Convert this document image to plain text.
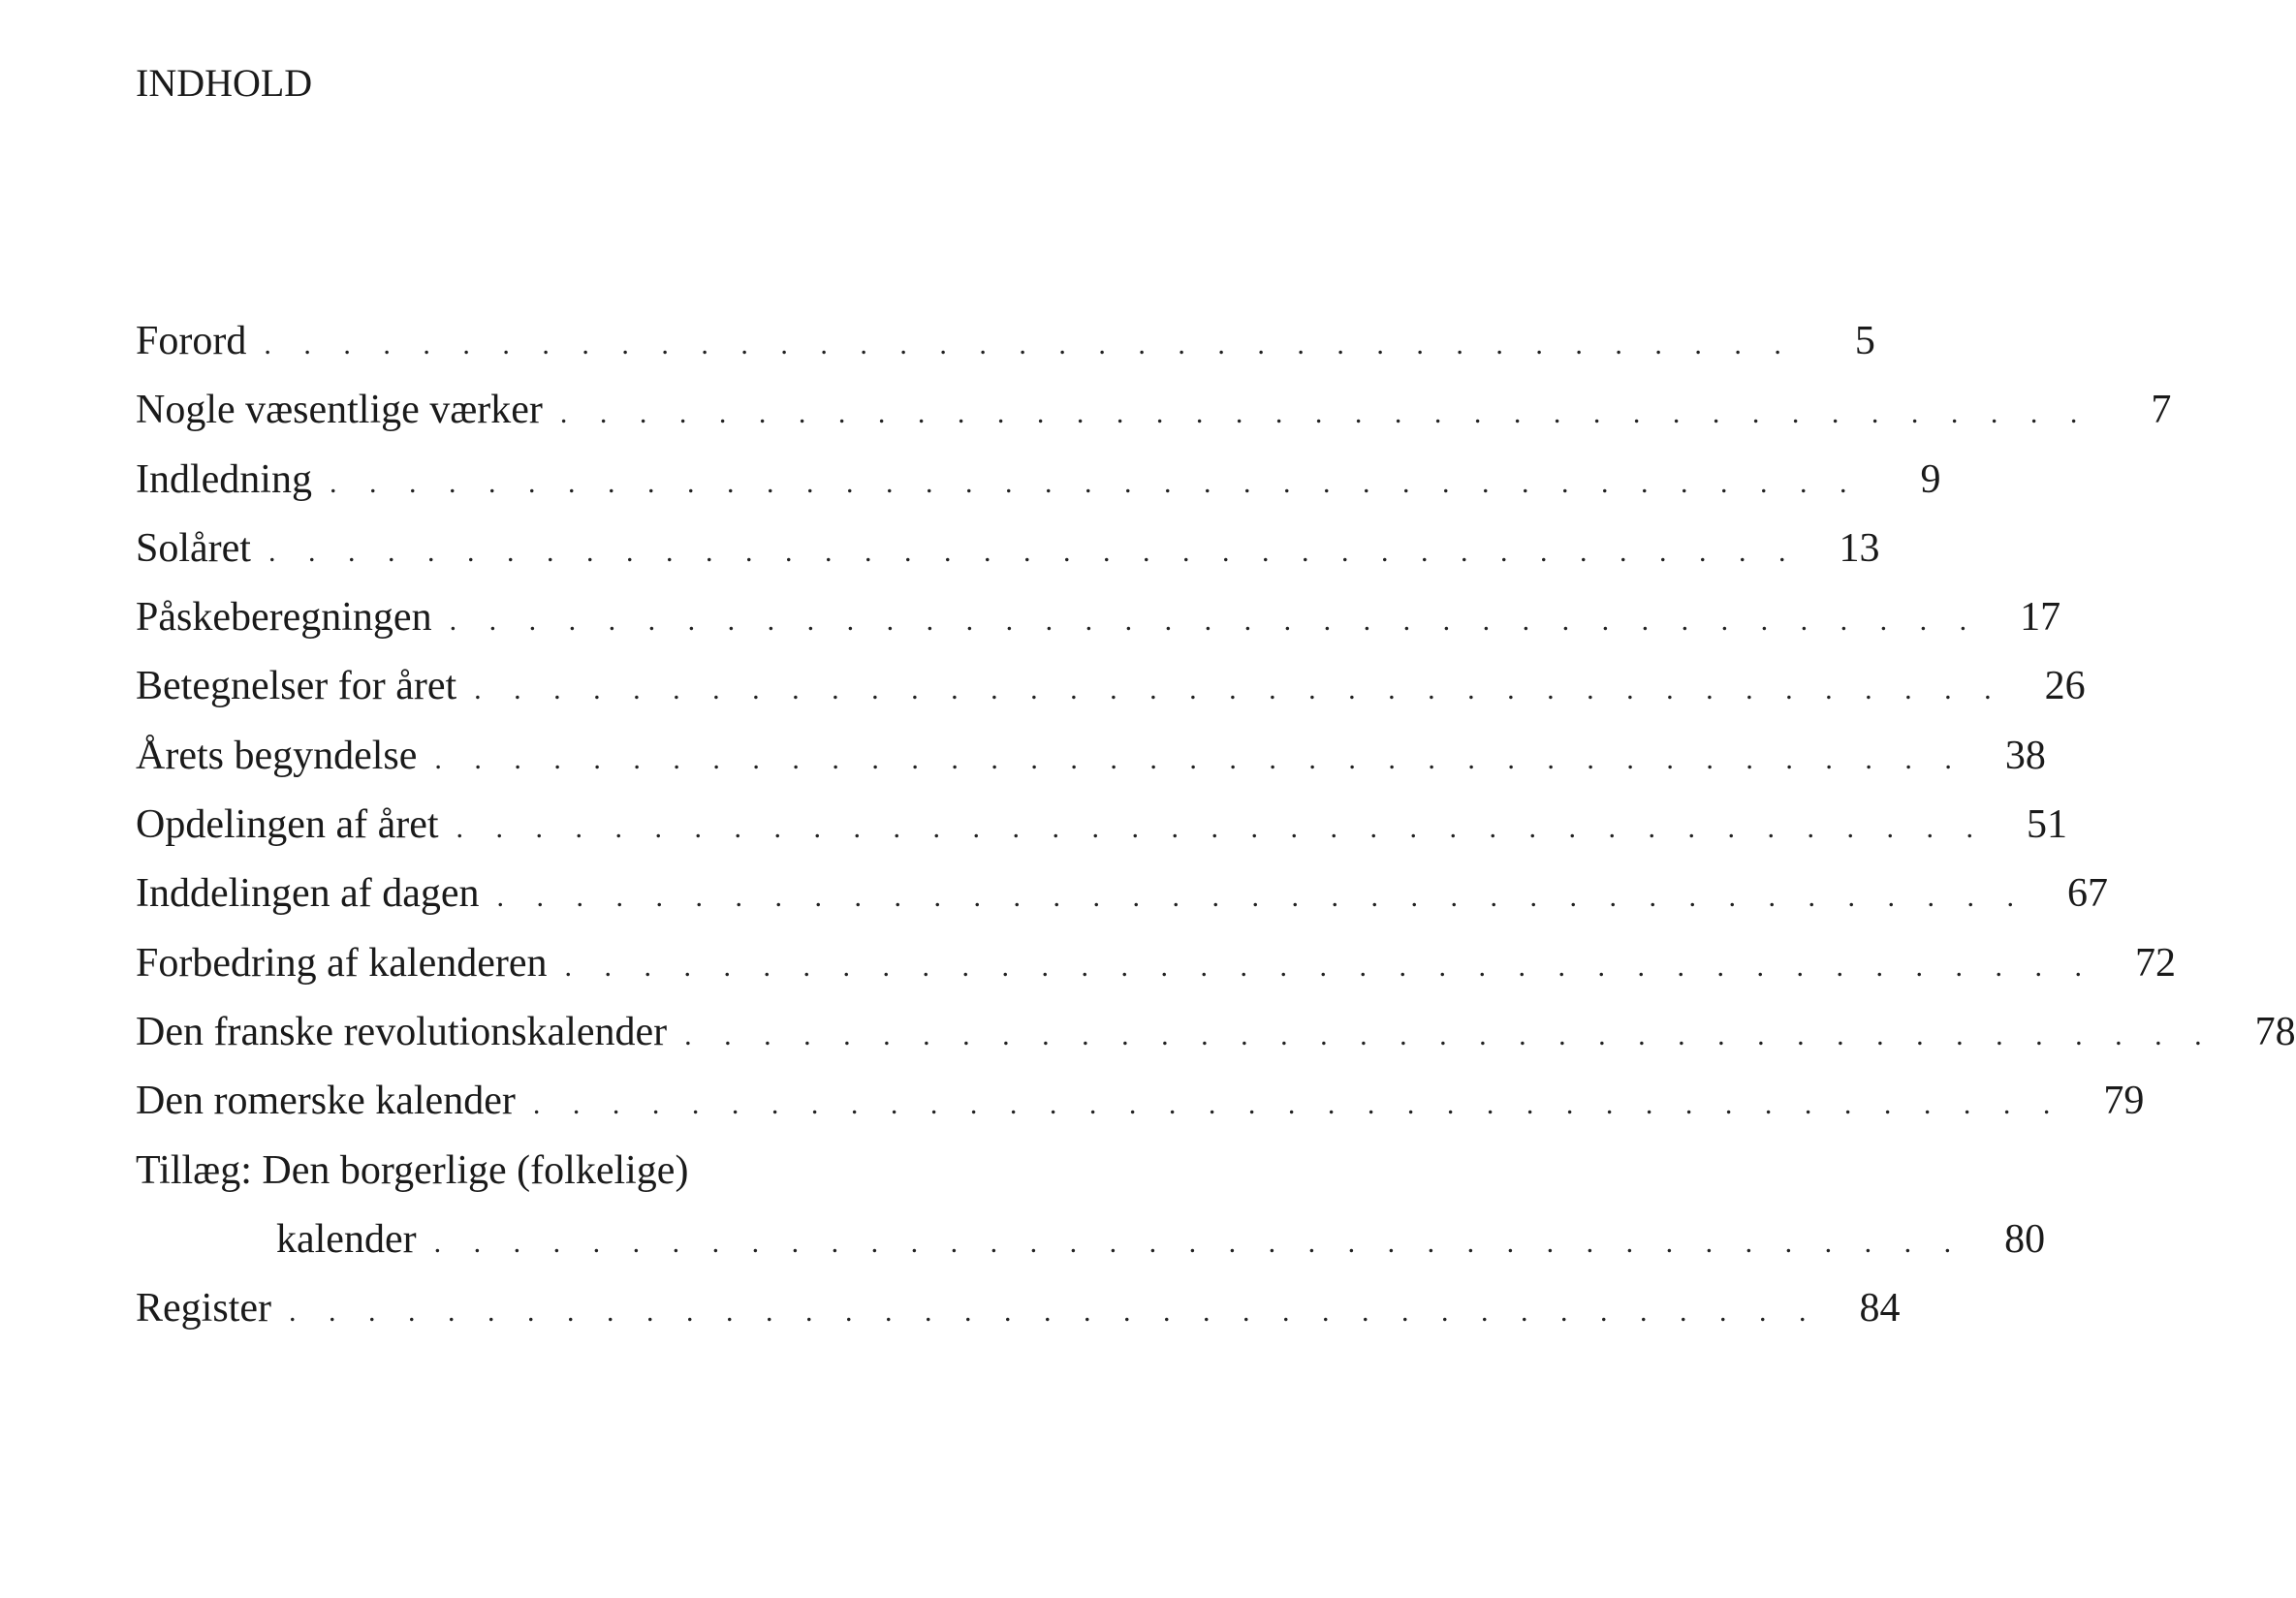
INDHOLD
Forord . . . . . . . . . . . . . . . . . . . . . . . . . . . . . . . . . . . . . . .	5
Nogle væsentlige værker . . . . . . . . . . . . . . . . . . . . . . . . . . . . . . . . . . . . . . .	7
Indledning . . . . . . . . . . . . . . . . . . . . . . . . . . . . . . . . . . . . . . .	9
Solåret . . . . . . . . . . . . . . . . . . . . . . . . . . . . . . . . . . . . . . .	13
Påskeberegningen . . . . . . . . . . . . . . . . . . . . . . . . . . . . . . . . . . . . . . .	17
Betegnelser for året . . . . . . . . . . . . . . . . . . . . . . . . . . . . . . . . . . . . . . .	26
Årets begyndelse . . . . . . . . . . . . . . . . . . . . . . . . . . . . . . . . . . . . . . .	38
Opdelingen af året . . . . . . . . . . . . . . . . . . . . . . . . . . . . . . . . . . . . . . .	51
Inddelingen af dagen . . . . . . . . . . . . . . . . . . . . . . . . . . . . . . . . . . . . . . .	67
Forbedring af kalenderen . . . . . . . . . . . . . . . . . . . . . . . . . . . . . . . . . . . . . . .	72
Den franske revolutionskalender . . . . . . . . . . . . . . . . . . . . . . . . . . . . . . . . . . . . . . .	78
Den romerske kalender . . . . . . . . . . . . . . . . . . . . . . . . . . . . . . . . . . . . . . .	79
Tillæg: Den borgerlige (folkelige)
kalender . . . . . . . . . . . . . . . . . . . . . . . . . . . . . . . . . . . . . . .	80
Register . . . . . . . . . . . . . . . . . . . . . . . . . . . . . . . . . . . . . . .	84
